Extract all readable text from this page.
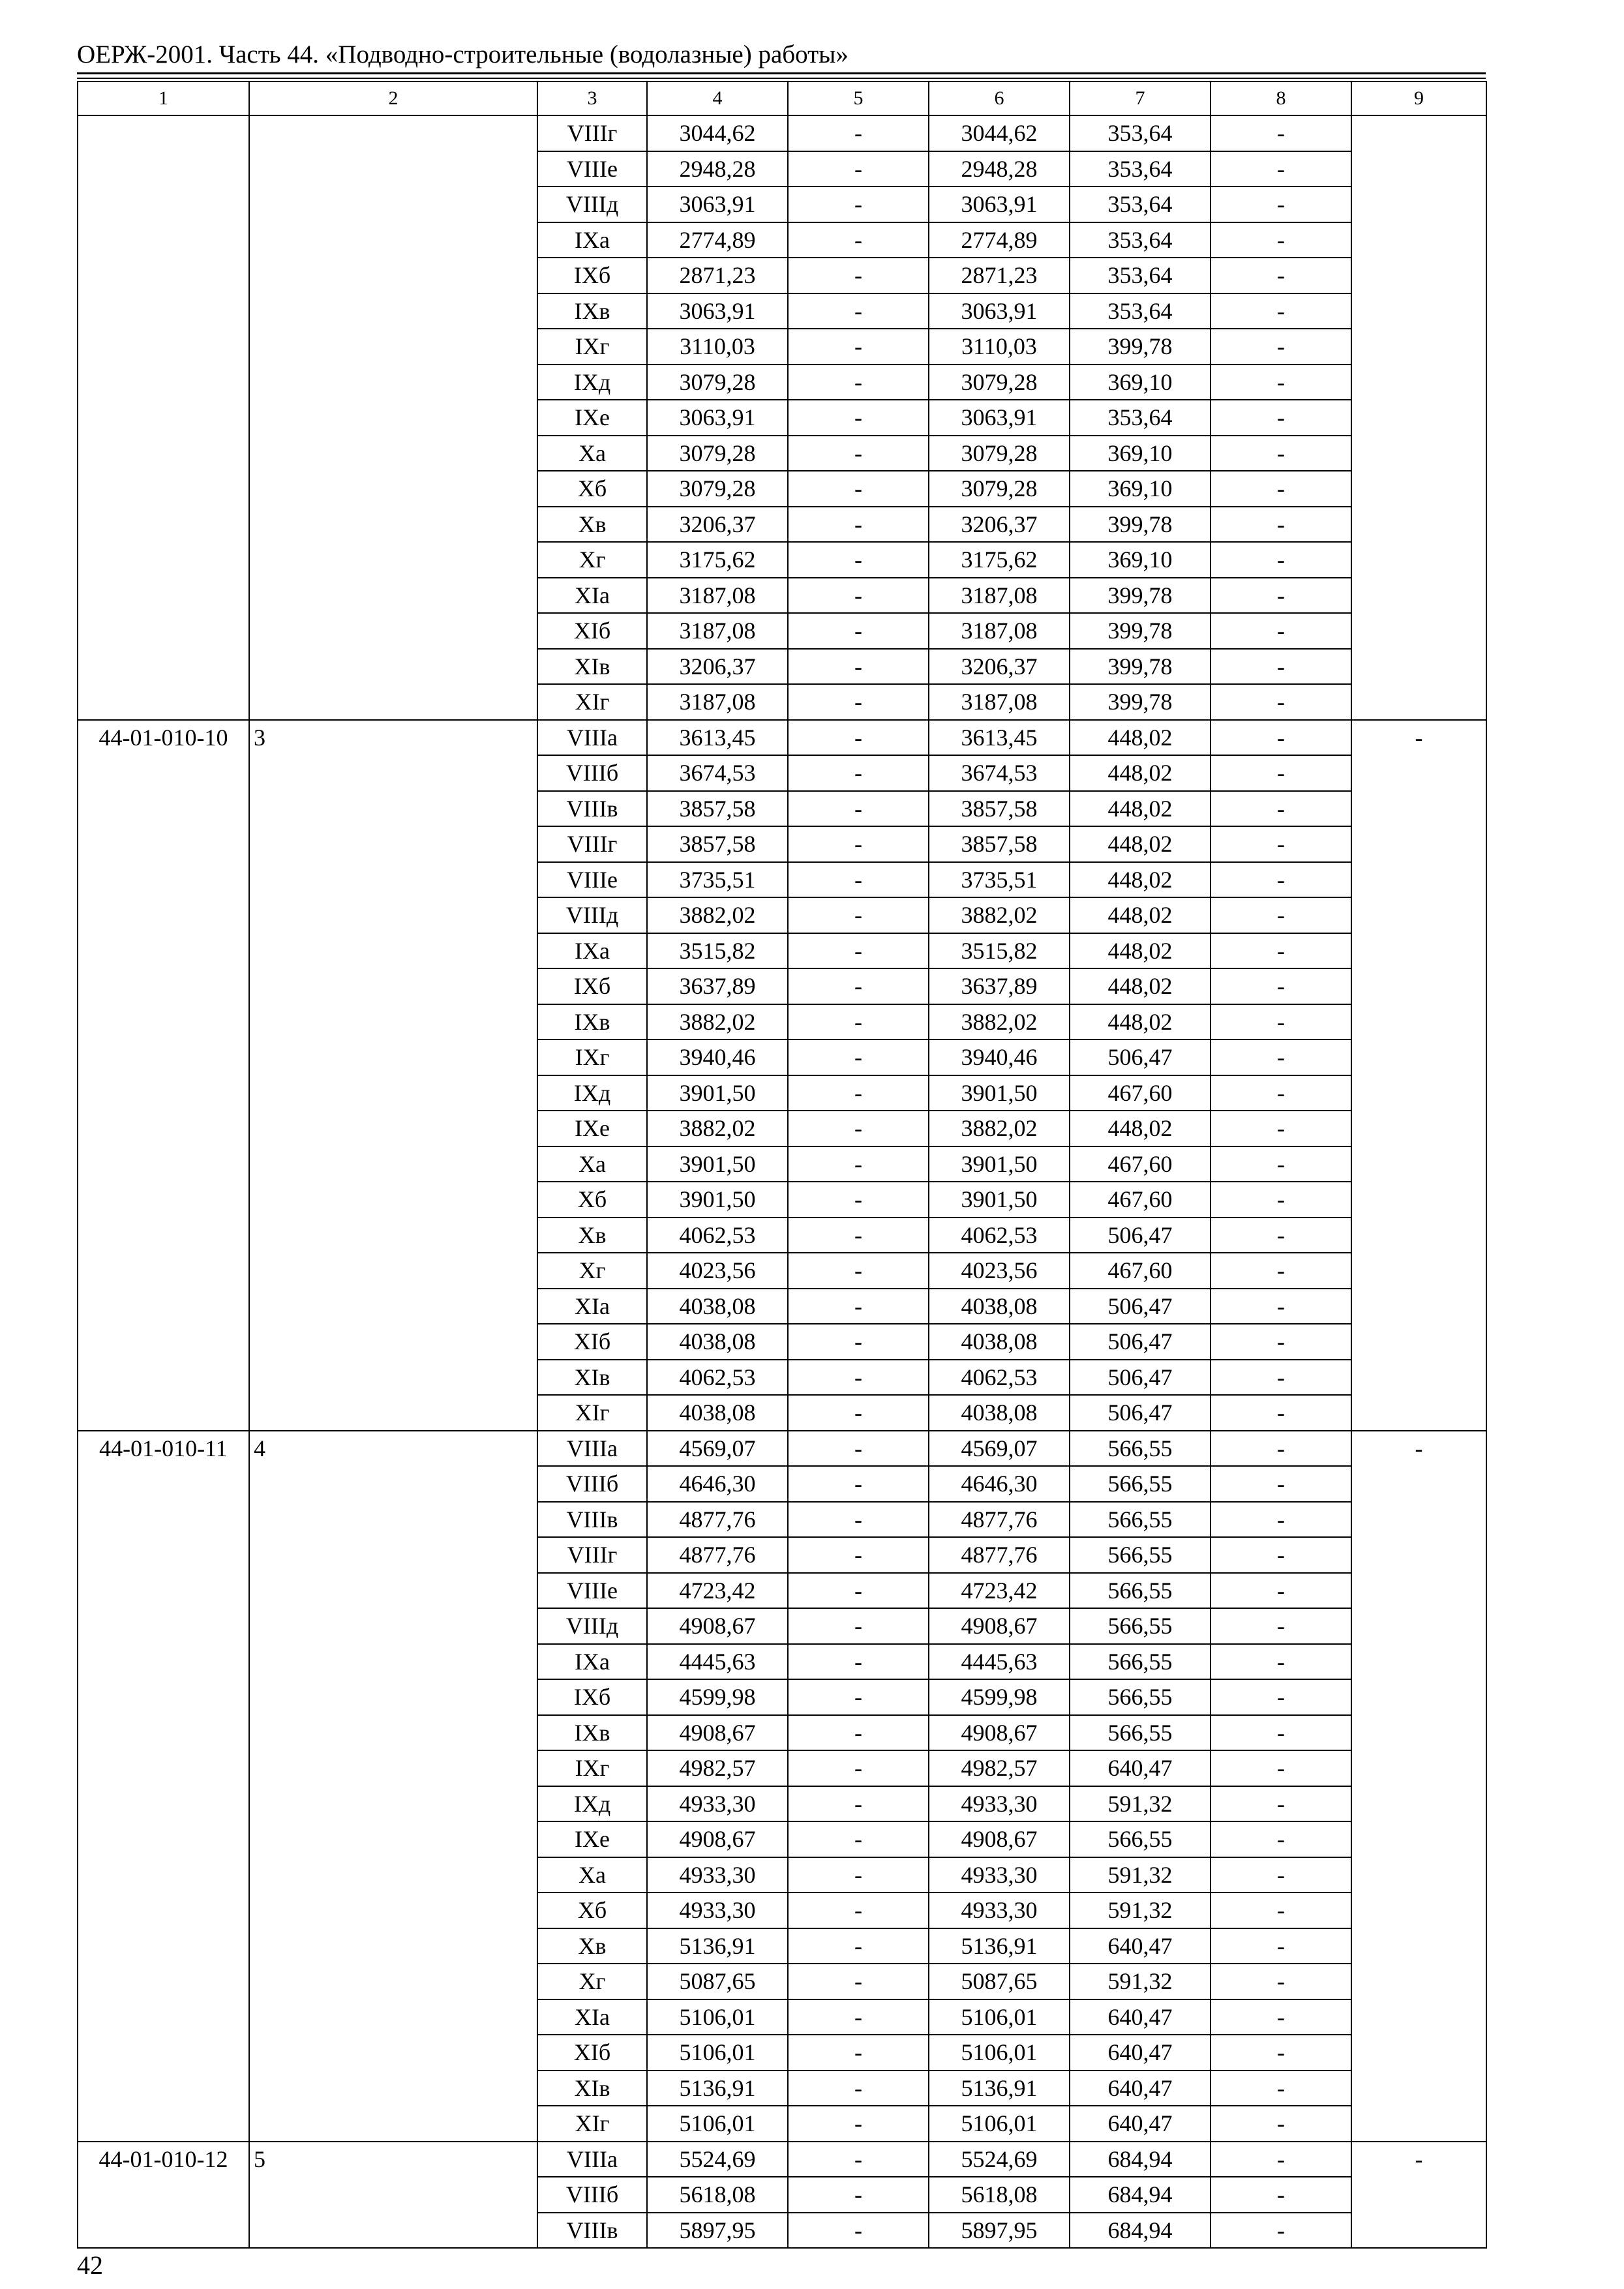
ОЕРЖ-2001. Часть 44. «Подводно-строительные (водолазные) работы»
1	2	3	4	5	6	7	8	9
		VIIIг	3044,62	-	3044,62	353,64	-	
		VIIIе	2948,28	-	2948,28	353,64	-	
		VIIIд	3063,91	-	3063,91	353,64	-	
		IXа	2774,89	-	2774,89	353,64	-	
		IXб	2871,23	-	2871,23	353,64	-	
		IXв	3063,91	-	3063,91	353,64	-	
		IXг	3110,03	-	3110,03	399,78	-	
		IXд	3079,28	-	3079,28	369,10	-	
		IXе	3063,91	-	3063,91	353,64	-	
		Xа	3079,28	-	3079,28	369,10	-	
		Xб	3079,28	-	3079,28	369,10	-	
		Xв	3206,37	-	3206,37	399,78	-	
		Xг	3175,62	-	3175,62	369,10	-	
		XIа	3187,08	-	3187,08	399,78	-	
		XIб	3187,08	-	3187,08	399,78	-	
		XIв	3206,37	-	3206,37	399,78	-	
		XIг	3187,08	-	3187,08	399,78	-	
44-01-010-10	3	VIIIа	3613,45	-	3613,45	448,02	-	-
		VIIIб	3674,53	-	3674,53	448,02	-	
		VIIIв	3857,58	-	3857,58	448,02	-	
		VIIIг	3857,58	-	3857,58	448,02	-	
		VIIIе	3735,51	-	3735,51	448,02	-	
		VIIIд	3882,02	-	3882,02	448,02	-	
		IXа	3515,82	-	3515,82	448,02	-	
		IXб	3637,89	-	3637,89	448,02	-	
		IXв	3882,02	-	3882,02	448,02	-	
		IXг	3940,46	-	3940,46	506,47	-	
		IXд	3901,50	-	3901,50	467,60	-	
		IXе	3882,02	-	3882,02	448,02	-	
		Xа	3901,50	-	3901,50	467,60	-	
		Xб	3901,50	-	3901,50	467,60	-	
		Xв	4062,53	-	4062,53	506,47	-	
		Xг	4023,56	-	4023,56	467,60	-	
		XIа	4038,08	-	4038,08	506,47	-	
		XIб	4038,08	-	4038,08	506,47	-	
		XIв	4062,53	-	4062,53	506,47	-	
		XIг	4038,08	-	4038,08	506,47	-	
44-01-010-11	4	VIIIа	4569,07	-	4569,07	566,55	-	-
		VIIIб	4646,30	-	4646,30	566,55	-	
		VIIIв	4877,76	-	4877,76	566,55	-	
		VIIIг	4877,76	-	4877,76	566,55	-	
		VIIIе	4723,42	-	4723,42	566,55	-	
		VIIIд	4908,67	-	4908,67	566,55	-	
		IXа	4445,63	-	4445,63	566,55	-	
		IXб	4599,98	-	4599,98	566,55	-	
		IXв	4908,67	-	4908,67	566,55	-	
		IXг	4982,57	-	4982,57	640,47	-	
		IXд	4933,30	-	4933,30	591,32	-	
		IXе	4908,67	-	4908,67	566,55	-	
		Xа	4933,30	-	4933,30	591,32	-	
		Xб	4933,30	-	4933,30	591,32	-	
		Xв	5136,91	-	5136,91	640,47	-	
		Xг	5087,65	-	5087,65	591,32	-	
		XIа	5106,01	-	5106,01	640,47	-	
		XIб	5106,01	-	5106,01	640,47	-	
		XIв	5136,91	-	5136,91	640,47	-	
		XIг	5106,01	-	5106,01	640,47	-	
44-01-010-12	5	VIIIа	5524,69	-	5524,69	684,94	-	-
		VIIIб	5618,08	-	5618,08	684,94	-	
		VIIIв	5897,95	-	5897,95	684,94	-	
42
